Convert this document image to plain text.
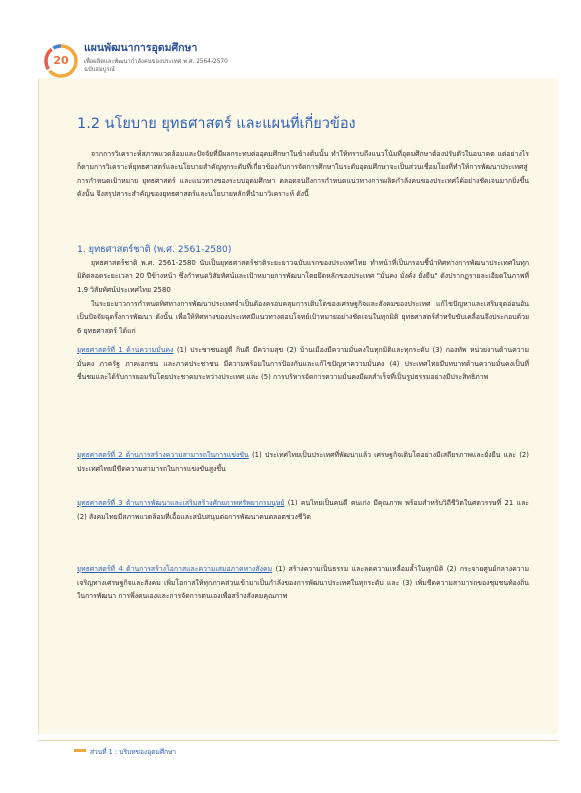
20
แผนพัฒนาการอุดมศึกษา
เพื่อผลิตและพัฒนากำลังคนของประเทศ พ.ศ. 2564-2570
ฉบับสมบูรณ์
1.2 นโยบาย ยุทธศาสตร์ และแผนที่เกี่ยวข้อง

จากการวิเคราะห์สภาพแวดล้อมและปัจจัยที่มีผลกระทบต่ออุดมศึกษาในข้างต้นนั้น ทำให้ทราบถึงแนวโน้มที่อุดมศึกษาต้องปรับตัวในอนาคต แต่อย่างไรก็ตามการวิเคราะห์ยุทธศาสตร์และนโยบายสำคัญทุกระดับที่เกี่ยวข้องกับการจัดการศึกษาในระดับอุดมศึกษาจะเป็นส่วนเชื่อมโยงที่ทำให้การพัฒนาประเทศสู่การกำหนดเป้าหมาย ยุทธศาสตร์ และแนวทางของระบบอุดมศึกษา ตลอดจนถึงการกำหนดแนวทางการผลิตกำลังคนของประเทศได้อย่างชัดเจนมากยิ่งขึ้น ดังนั้น จึงสรุปสาระสำคัญของยุทธศาสตร์และนโยบายหลักที่นำมาวิเคราะห์ ดังนี้

1. ยุทธศาสตร์ชาติ (พ.ศ. 2561-2580)

ยุทธศาสตร์ชาติ พ.ศ. 2561-2580 นับเป็นยุทธศาสตร์ชาติระยะยาวฉบับแรกของประเทศไทย ทำหน้าที่เป็นกรอบชี้นำทิศทางการพัฒนาประเทศในทุกมิติตลอดระยะเวลา 20 ปีข้างหน้า ซึ่งกำหนดวิสัยทัศน์และเป้าหมายการพัฒนาโดยยึดหลักของประเทศ "มั่นคง มั่งคั่ง ยั่งยืน" ดังปรากฏรายละเอียดในภาพที่ 1.9 วิสัยทัศน์ประเทศไทย 2580

ในระยะยาวการกำหนดทิศทางการพัฒนาประเทศจำเป็นต้องครอบคลุมการเติบโตของเศรษฐกิจและสังคมของประเทศ แก้ไขปัญหาและเสริมจุดอ่อนอันเป็นปัจจัยฉุดรั้งการพัฒนา ดังนั้น เพื่อให้ทิศทางของประเทศมีแนวทางตอบโจทย์เป้าหมายอย่างชัดเจนในทุกมิติ ยุทธศาสตร์สำหรับขับเคลื่อนจึงประกอบด้วย 6 ยุทธศาสตร์ ได้แก่

ยุทธศาสตร์ที่ 1 ด้านความมั่นคง (1) ประชาชนอยู่ดี กินดี มีความสุข (2) บ้านเมืองมีความมั่นคงในทุกมิติและทุกระดับ (3) กองทัพ หน่วยงานด้านความมั่นคง ภาครัฐ ภาคเอกชน และภาคประชาชน มีความพร้อมในการป้องกันและแก้ไขปัญหาความมั่นคง (4) ประเทศไทยมีบทบาทด้านความมั่นคงเป็นที่ชื่นชมและได้รับการยอมรับโดยประชาคมระหว่างประเทศ และ (5) การบริหารจัดการความมั่นคงมีผลสำเร็จที่เป็นรูปธรรมอย่างมีประสิทธิภาพ

ยุทธศาสตร์ที่ 2 ด้านการสร้างความสามารถในการแข่งขัน (1) ประเทศไทยเป็นประเทศที่พัฒนาแล้ว เศรษฐกิจเติบโตอย่างมีเสถียรภาพและยั่งยืน และ (2) ประเทศไทยมีขีดความสามารถในการแข่งขันสูงขึ้น

ยุทธศาสตร์ที่ 3 ด้านการพัฒนาและเสริมสร้างศักยภาพทรัพยากรมนุษย์ (1) คนไทยเป็นคนดี คนเก่ง มีคุณภาพ พร้อมสำหรับวิถีชีวิตในศตวรรษที่ 21 และ (2) สังคมไทยมีสภาพแวดล้อมที่เอื้อและสนับสนุนต่อการพัฒนาคนตลอดช่วงชีวิต

ยุทธศาสตร์ที่ 4 ด้านการสร้างโอกาสและความเสมอภาคทางสังคม (1) สร้างความเป็นธรรม และลดความเหลื่อมล้ำในทุกมิติ (2) กระจายศูนย์กลางความเจริญทางเศรษฐกิจและสังคม เพิ่มโอกาสให้ทุกภาคส่วนเข้ามาเป็นกำลังของการพัฒนาประเทศในทุกระดับ และ (3) เพิ่มขีดความสามารถของชุมชนท้องถิ่นในการพัฒนา การพึ่งตนเองและการจัดการตนเองเพื่อสร้างสังคมคุณภาพ

ส่วนที่ 1 : บริบทของอุดมศึกษา
